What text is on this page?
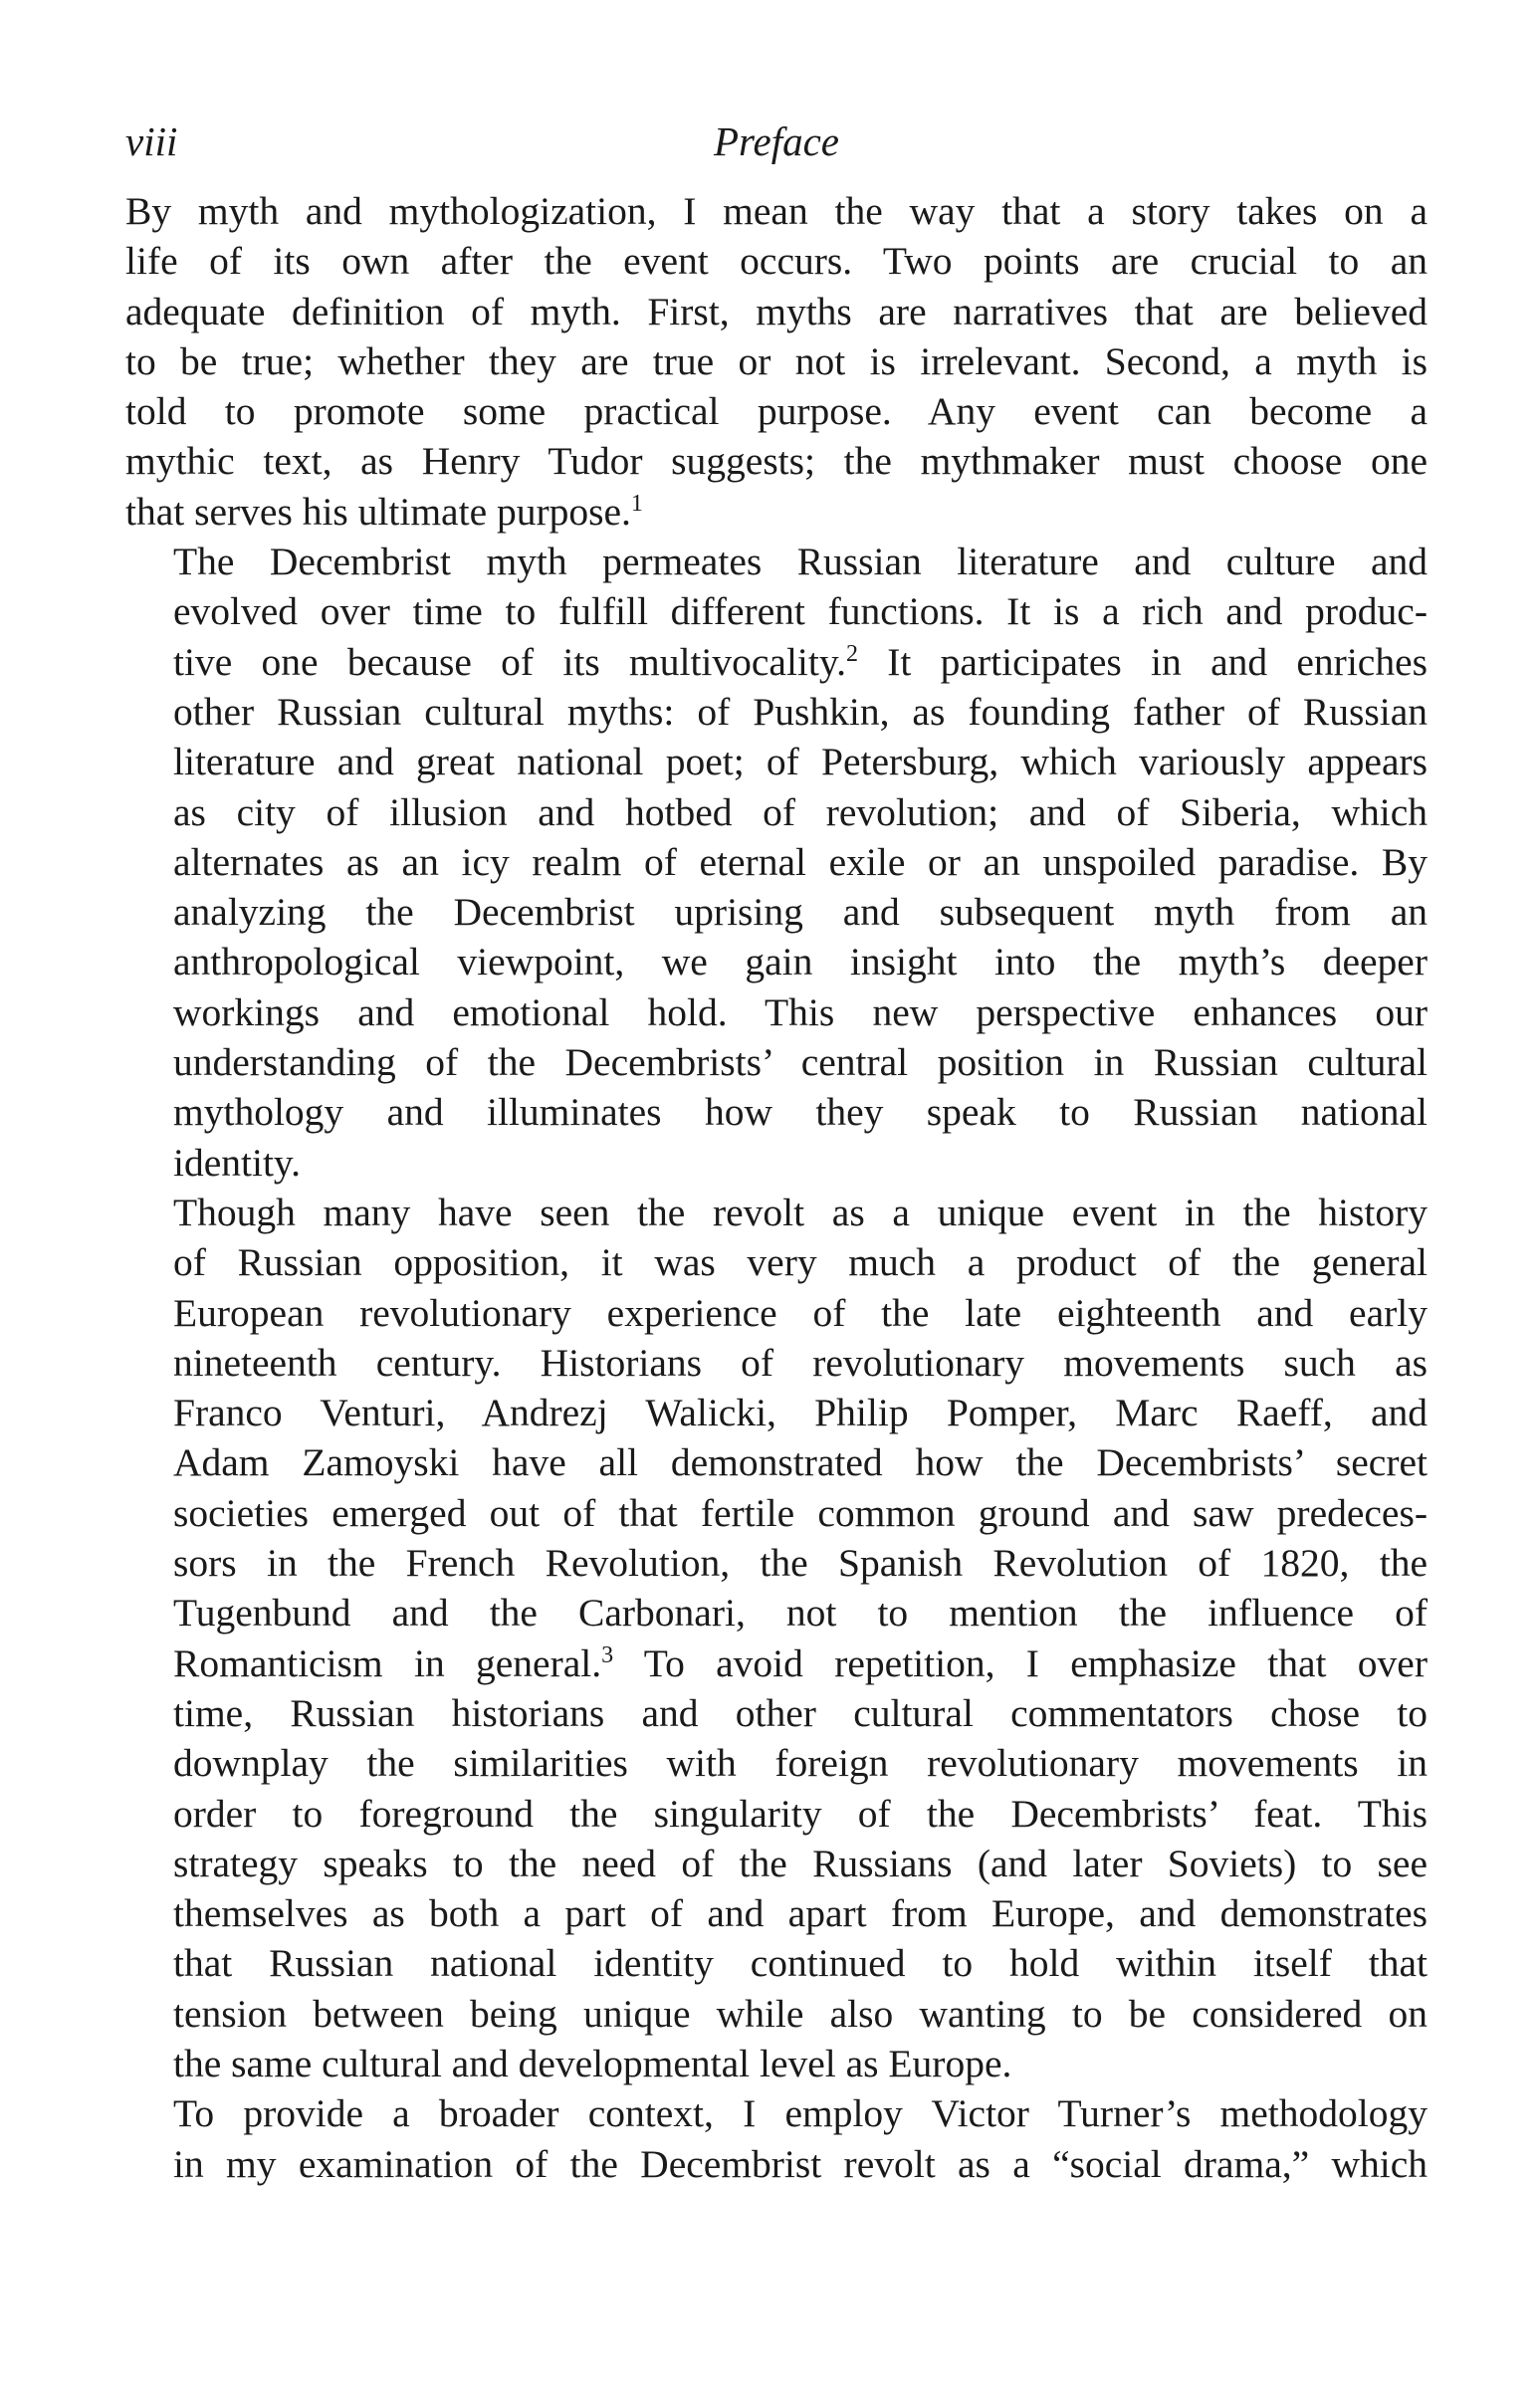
viii	Preface

By myth and mythologization, I mean the way that a story takes on a
life of its own after the event occurs. Two points are crucial to an
adequate definition of myth. First, myths are narratives that are believed
to be true; whether they are true or not is irrelevant. Second, a myth is
told to promote some practical purpose. Any event can become a
mythic text, as Henry Tudor suggests; the mythmaker must choose one
that serves his ultimate purpose.$^1$

The Decembrist myth permeates Russian literature and culture and
evolved over time to fulfill different functions. It is a rich and produc-
tive one because of its multivocality.$^2$ It participates in and enriches
other Russian cultural myths: of Pushkin, as founding father of Russian
literature and great national poet; of Petersburg, which variously appears
as city of illusion and hotbed of revolution; and of Siberia, which
alternates as an icy realm of eternal exile or an unspoiled paradise. By
analyzing the Decembrist uprising and subsequent myth from an
anthropological viewpoint, we gain insight into the myth’s deeper
workings and emotional hold. This new perspective enhances our
understanding of the Decembrists’ central position in Russian cultural
mythology and illuminates how they speak to Russian national
identity.

Though many have seen the revolt as a unique event in the history
of Russian opposition, it was very much a product of the general
European revolutionary experience of the late eighteenth and early
nineteenth century. Historians of revolutionary movements such as
Franco Venturi, Andrezj Walicki, Philip Pomper, Marc Raeff, and
Adam Zamoyski have all demonstrated how the Decembrists’ secret
societies emerged out of that fertile common ground and saw predeces-
sors in the French Revolution, the Spanish Revolution of 1820, the
Tugenbund and the Carbonari, not to mention the influence of
Romanticism in general.$^3$ To avoid repetition, I emphasize that over
time, Russian historians and other cultural commentators chose to
downplay the similarities with foreign revolutionary movements in
order to foreground the singularity of the Decembrists’ feat. This
strategy speaks to the need of the Russians (and later Soviets) to see
themselves as both a part of and apart from Europe, and demonstrates
that Russian national identity continued to hold within itself that
tension between being unique while also wanting to be considered on
the same cultural and developmental level as Europe.

To provide a broader context, I employ Victor Turner’s methodology
in my examination of the Decembrist revolt as a “social drama,” which
